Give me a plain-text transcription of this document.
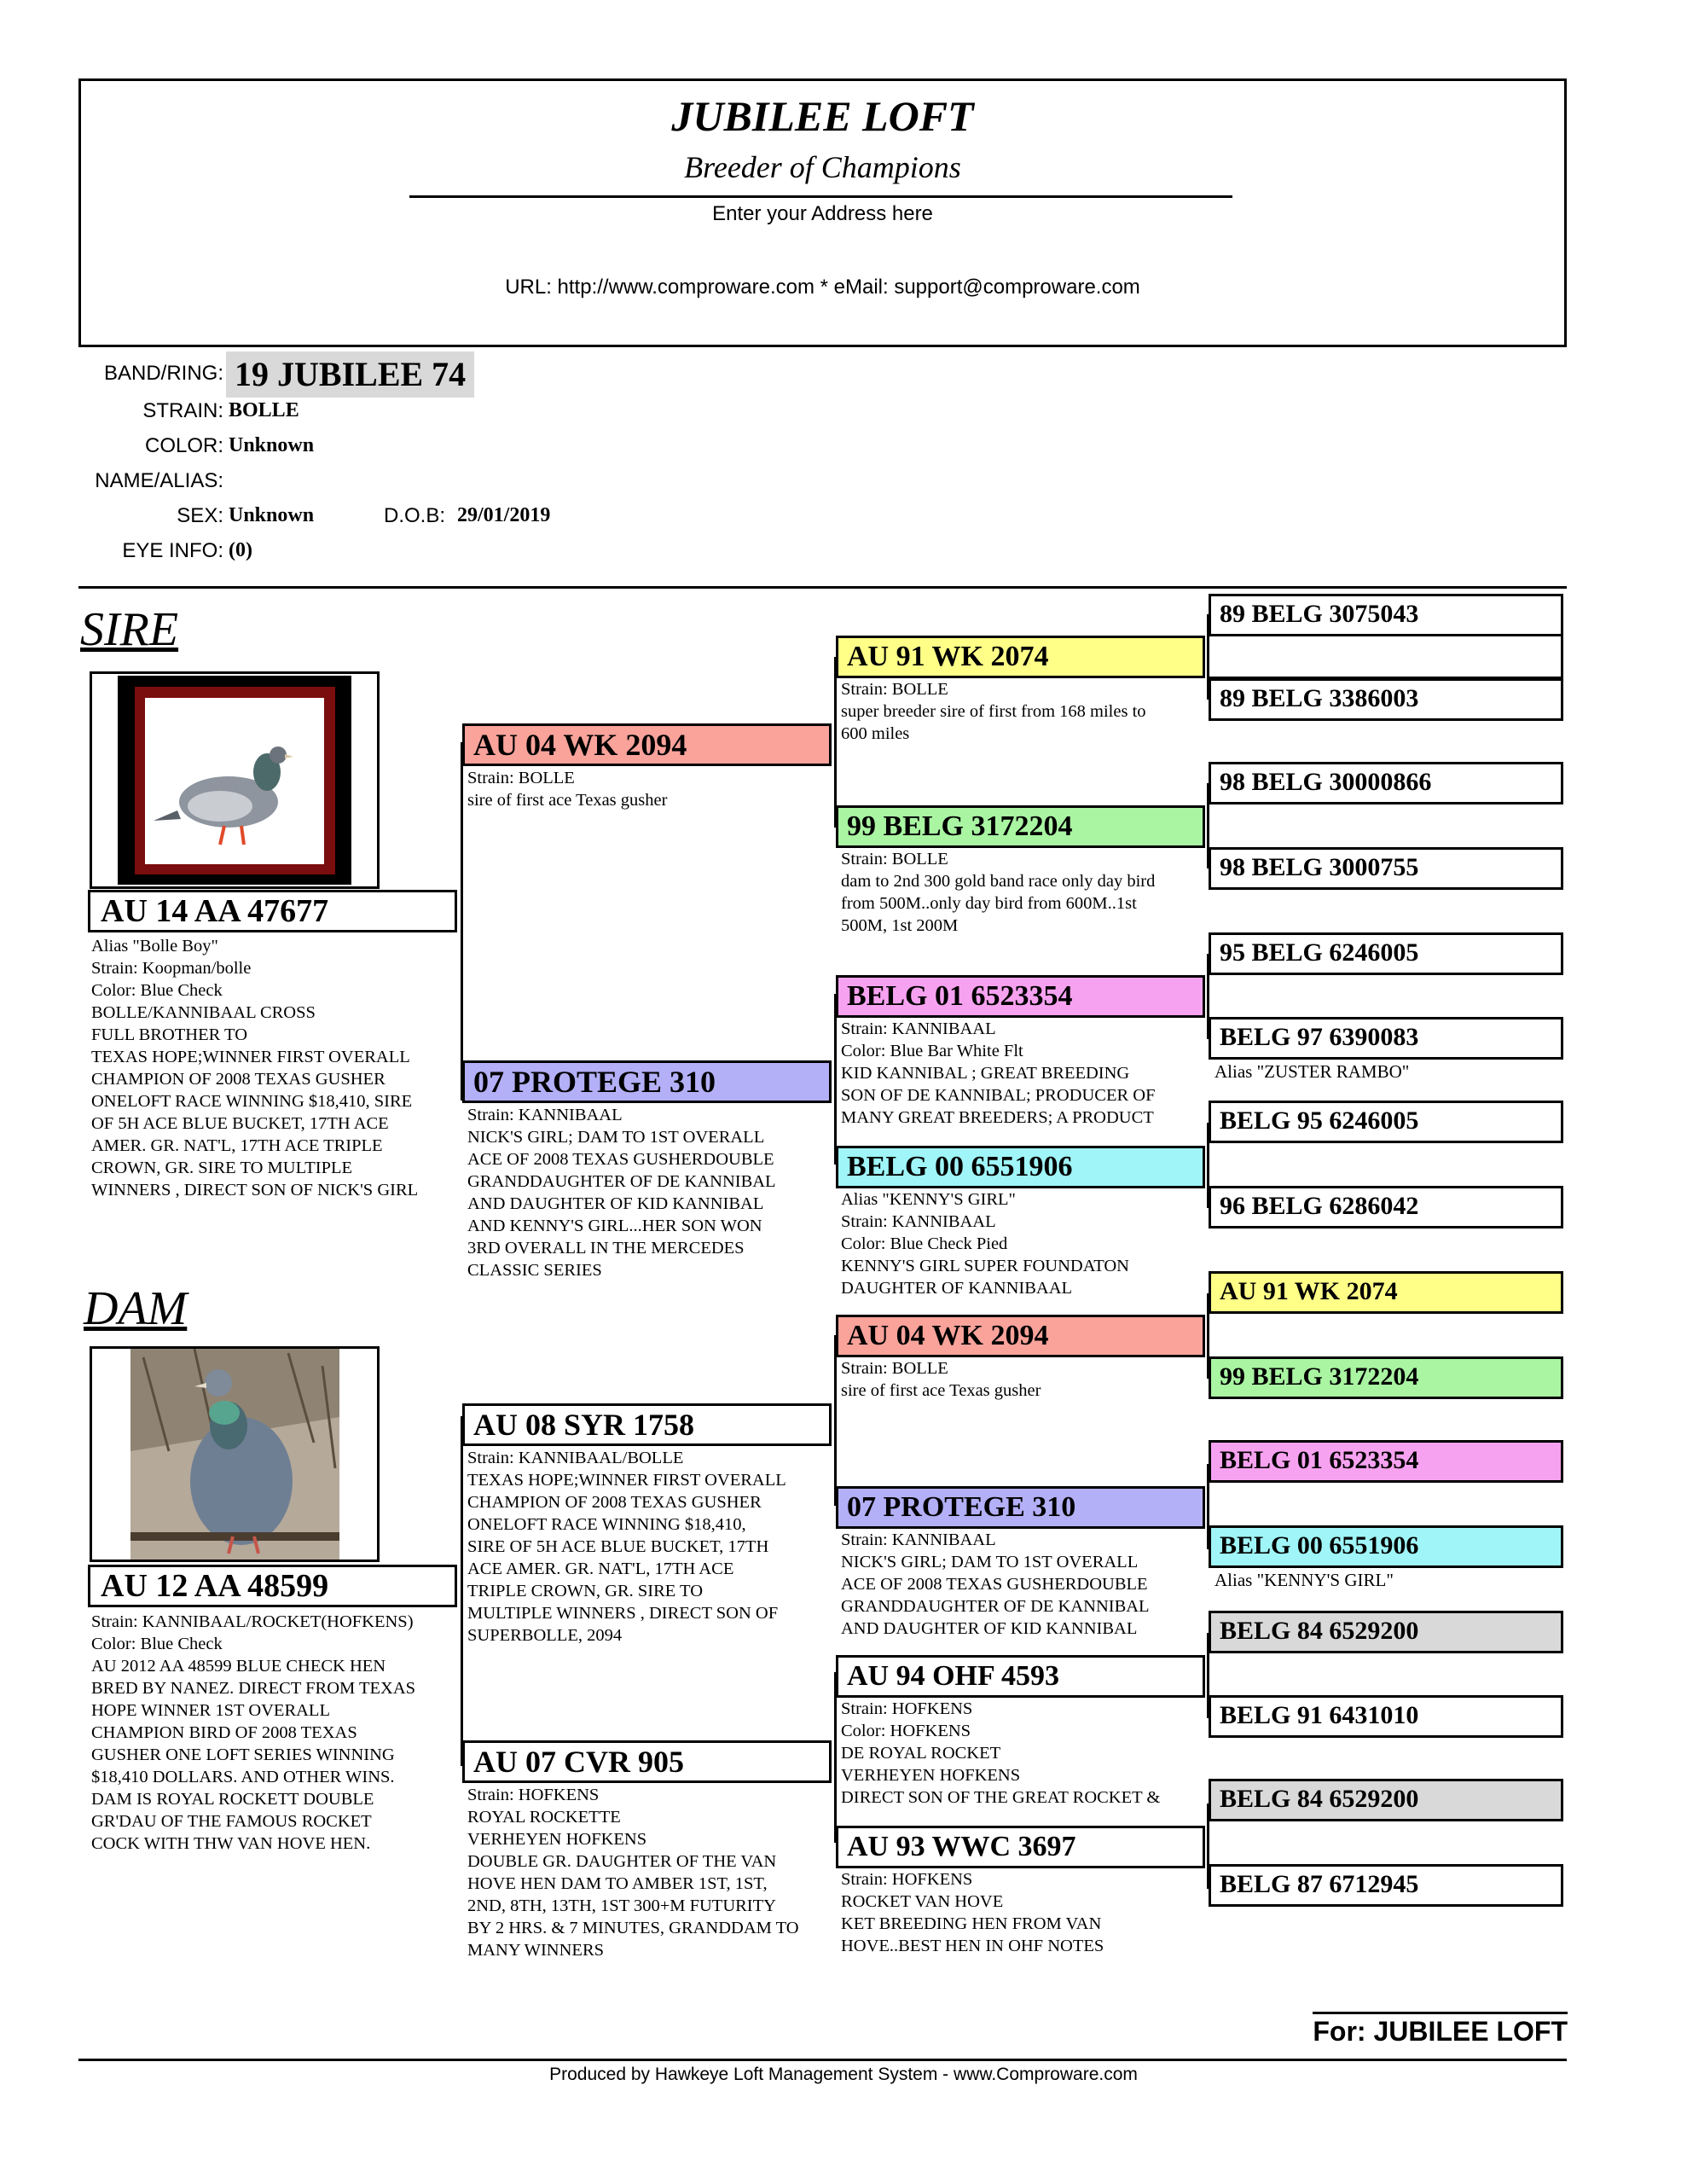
JUBILEE LOFT
Breeder of Champions
Enter your Address here
URL: http://www.comproware.com * eMail: support@comproware.com
BAND/RING: 19 JUBILEE 74
STRAIN: BOLLE
COLOR: Unknown
NAME/ALIAS:
SEX: Unknown	D.O.B: 29/01/2019
EYE INFO: (0)
SIRE
AU 14 AA 47677
Alias "Bolle Boy"
Strain: Koopman/bolle
Color: Blue Check
BOLLE/KANNIBAAL CROSS
FULL BROTHER TO
TEXAS HOPE;WINNER FIRST OVERALL
CHAMPION OF 2008 TEXAS GUSHER
ONELOFT RACE WINNING $18,410, SIRE
OF 5H ACE BLUE BUCKET, 17TH ACE
AMER. GR. NAT'L, 17TH ACE TRIPLE
CROWN, GR. SIRE TO MULTIPLE
WINNERS , DIRECT SON OF NICK'S GIRL
DAM
AU 12 AA 48599
Strain: KANNIBAAL/ROCKET(HOFKENS)
Color: Blue Check
AU 2012 AA 48599 BLUE CHECK HEN
BRED BY NANEZ. DIRECT FROM TEXAS
HOPE WINNER 1ST OVERALL
CHAMPION BIRD OF 2008 TEXAS
GUSHER ONE LOFT SERIES WINNING
$18,410 DOLLARS. AND OTHER WINS.
DAM IS ROYAL ROCKETT DOUBLE
GR'DAU OF THE FAMOUS ROCKET
COCK WITH THW VAN HOVE HEN.
AU 04 WK 2094
Strain: BOLLE
sire of first ace Texas gusher
07 PROTEGE 310
Strain: KANNIBAAL
NICK'S GIRL; DAM TO 1ST OVERALL
ACE OF 2008 TEXAS GUSHERDOUBLE
GRANDDAUGHTER OF DE KANNIBAL
AND DAUGHTER OF KID KANNIBAL
AND KENNY'S GIRL...HER SON WON
3RD OVERALL IN THE MERCEDES
CLASSIC SERIES
AU 08 SYR 1758
Strain: KANNIBAAL/BOLLE
TEXAS HOPE;WINNER FIRST OVERALL
CHAMPION OF 2008 TEXAS GUSHER
ONELOFT RACE WINNING $18,410,
SIRE OF 5H ACE BLUE BUCKET, 17TH
ACE AMER. GR. NAT'L, 17TH ACE
TRIPLE CROWN, GR. SIRE TO
MULTIPLE WINNERS , DIRECT SON OF
SUPERBOLLE, 2094
AU 07 CVR 905
Strain: HOFKENS
ROYAL ROCKETTE
VERHEYEN HOFKENS
DOUBLE GR. DAUGHTER OF THE VAN
HOVE HEN DAM TO AMBER 1ST, 1ST,
2ND, 8TH, 13TH, 1ST 300+M FUTURITY
BY 2 HRS. & 7 MINUTES, GRANDDAM TO
MANY WINNERS
AU 91 WK 2074
Strain: BOLLE
super breeder sire of first from 168 miles to
600 miles
99 BELG 3172204
Strain: BOLLE
dam to 2nd 300 gold band race only day bird
from 500M..only day bird from 600M..1st
500M, 1st 200M
BELG 01 6523354
Strain: KANNIBAAL
Color: Blue Bar White Flt
KID KANNIBAL ; GREAT BREEDING
SON OF DE KANNIBAL; PRODUCER OF
MANY GREAT BREEDERS; A PRODUCT
BELG 00 6551906
Alias "KENNY'S GIRL"
Strain: KANNIBAAL
Color: Blue Check Pied
KENNY'S GIRL SUPER FOUNDATON
DAUGHTER OF KANNIBAAL
AU 04 WK 2094
Strain: BOLLE
sire of first ace Texas gusher
07 PROTEGE 310
Strain: KANNIBAAL
NICK'S GIRL; DAM TO 1ST OVERALL
ACE OF 2008 TEXAS GUSHERDOUBLE
GRANDDAUGHTER OF DE KANNIBAL
AND DAUGHTER OF KID KANNIBAL
AU 94 OHF 4593
Strain: HOFKENS
Color: HOFKENS
DE ROYAL ROCKET
VERHEYEN HOFKENS
DIRECT SON OF THE GREAT ROCKET &
AU 93 WWC 3697
Strain: HOFKENS
ROCKET VAN HOVE
KET BREEDING HEN FROM VAN
HOVE..BEST HEN IN OHF NOTES
89 BELG 3075043
89 BELG 3386003
98 BELG 30000866
98 BELG 3000755
95 BELG 6246005
BELG 97 6390083
Alias "ZUSTER RAMBO"
BELG 95 6246005
96 BELG 6286042
AU 91 WK 2074
99 BELG 3172204
BELG 01 6523354
BELG 00 6551906
Alias "KENNY'S GIRL"
BELG 84 6529200
BELG 91 6431010
BELG 84 6529200
BELG 87 6712945
For: JUBILEE LOFT
Produced by Hawkeye Loft Management System - www.Comproware.com
